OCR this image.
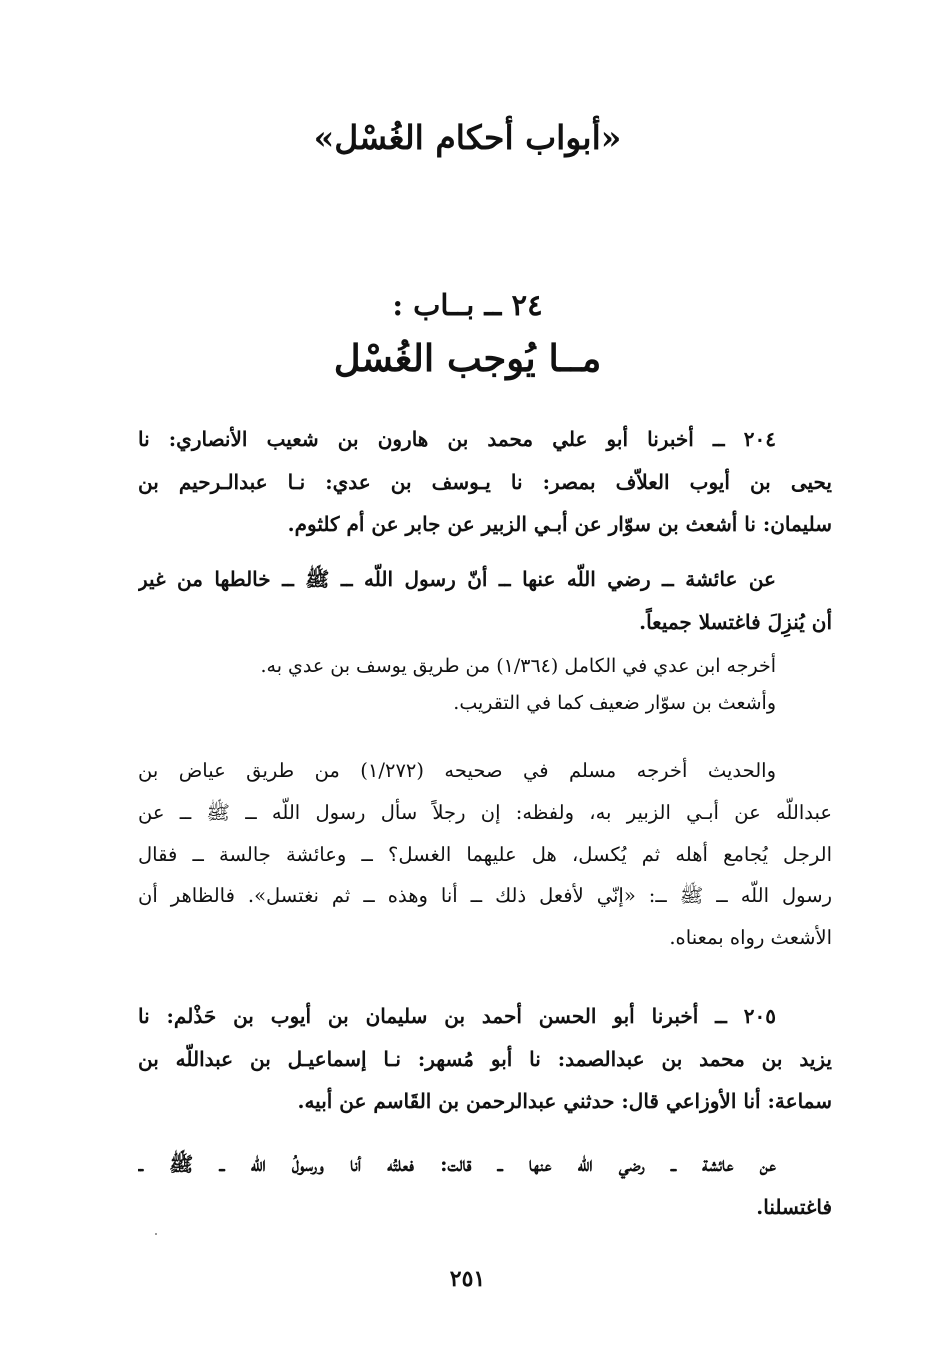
«أبواب أحكام الغُسْل»
٢٤ ــ بــاب :
مــا يُوجب الغُسْل
٢٠٤ ــ أخبرنا أبو علي محمد بن هارون بن شعيب الأنصاري: نا
يحيى بن أيوب العلاّف بمصر: نا يـوسف بن عدي: نـا عبدالـرحيم بن
سليمان: نا أشعث بن سوّار عن أبـي الزبير عن جابر عن أم كلثوم.
عن عائشة ــ رضي اللّه عنها ــ أنّ رسول اللّه ــ ﷺ ــ خالطها من غير
أن يُنزِلَ فاغتسلا جميعاً.
أخرجه ابن عدي في الكامل (١/٣٦٤) من طريق يوسف بن عدي به.
وأشعث بن سوّار ضعيف كما في التقريب.
والحديث أخرجه مسلم في صحيحه (١/٢٧٢) من طريق عياض بن
عبداللّه عن أبـي الزبير به، ولفظه: إن رجلاً سأل رسول اللّه ــ ﷺ ــ عن
الرجل يُجامع أهله ثم يُكسل، هل عليهما الغسل؟ ــ وعائشة جالسة ــ فقال
رسول اللّه ــ ﷺ ــ: «إنّي لأفعل ذلك ــ أنا وهذه ــ ثم نغتسل». فالظاهر أن
الأشعث رواه بمعناه.
٢٠٥ ــ أخبرنا أبو الحسن أحمد بن سليمان بن أيوب بن حَذْلم: نا
يزيد بن محمد بن عبدالصمد: نا أبو مُسهر: نـا إسماعيـل بن عبداللّه بن
سماعة: أنا الأوزاعي قال: حدثني عبدالرحمن بن القَاسم عن أبيه.
عن عائشة ــ رضي اللّه عنها ــ قالت: فعلتُه أنا ورسولُ اللّه ــ ﷺ ــ
فاغتسلنا.
٢٥١
